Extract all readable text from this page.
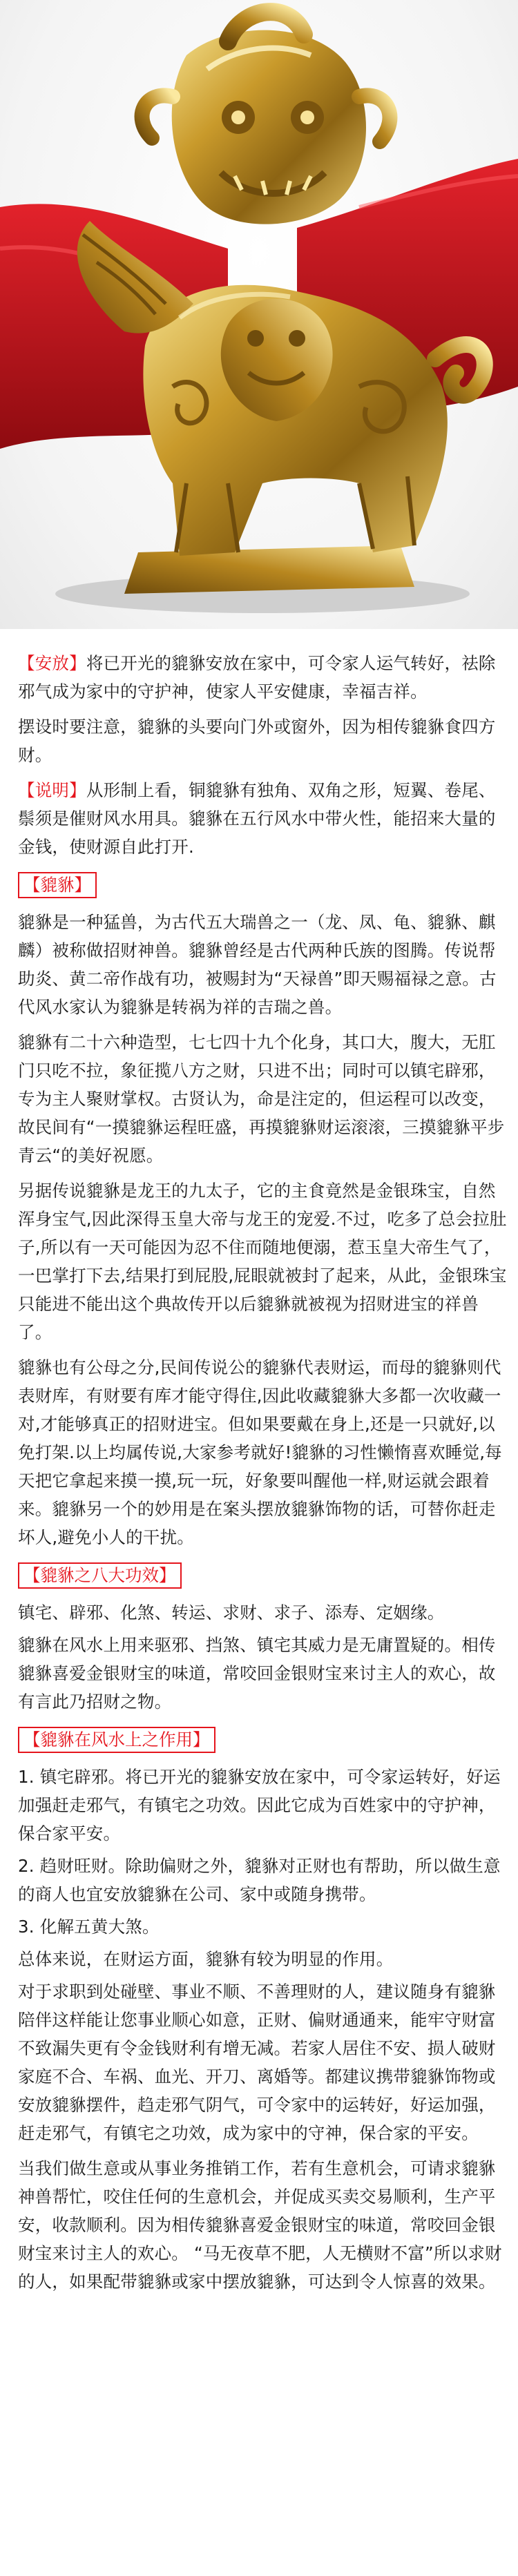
【安放】将已开光的貔貅安放在家中，可令家人运气转好，祛除邪气成为家中的守护神，使家人平安健康，幸福吉祥。

摆设时要注意，貔貅的头要向门外或窗外，因为相传貔貅食四方财。

【说明】从形制上看，铜貔貅有独角、双角之形，短翼、卷尾、鬃须是催财风水用具。貔貅在五行风水中带火性，能招来大量的金钱，使财源自此打开.

【貔貅】

貔貅是一种猛兽，为古代五大瑞兽之一（龙、凤、龟、貔貅、麒麟）被称做招财神兽。貔貅曾经是古代两种氏族的图腾。传说帮助炎、黄二帝作战有功，被赐封为“天禄兽”即天赐福禄之意。古代风水家认为貔貅是转祸为祥的吉瑞之兽。

貔貅有二十六种造型，七七四十九个化身，其口大，腹大，无肛门只吃不拉，象征揽八方之财，只进不出；同时可以镇宅辟邪，专为主人聚财掌权。古贤认为，命是注定的，但运程可以改变，故民间有“一摸貔貅运程旺盛，再摸貔貅财运滚滚，三摸貔貅平步青云“的美好祝愿。

另据传说貔貅是龙王的九太子，它的主食竟然是金银珠宝，自然浑身宝气,因此深得玉皇大帝与龙王的宠爱.不过，吃多了总会拉肚子,所以有一天可能因为忍不住而随地便溺，惹玉皇大帝生气了，一巴掌打下去,结果打到屁股,屁眼就被封了起来，从此，金银珠宝只能进不能出这个典故传开以后貔貅就被视为招财进宝的祥兽了。

貔貅也有公母之分,民间传说公的貔貅代表财运，而母的貔貅则代表财库，有财要有库才能守得住,因此收藏貔貅大多都一次收藏一对,才能够真正的招财进宝。但如果要戴在身上,还是一只就好,以免打架.以上均属传说,大家参考就好!貔貅的习性懒惰喜欢睡觉,每天把它拿起来摸一摸,玩一玩，好象要叫醒他一样,财运就会跟着来。貔貅另一个的妙用是在案头摆放貔貅饰物的话，可替你赶走坏人,避免小人的干扰。

【貔貅之八大功效】

镇宅、辟邪、化煞、转运、求财、求子、添寿、定姻缘。

貔貅在风水上用来驱邪、挡煞、镇宅其威力是无庸置疑的。相传貔貅喜爱金银财宝的味道，常咬回金银财宝来讨主人的欢心，故有言此乃招财之物。

【貔貅在风水上之作用】

1. 镇宅辟邪。将已开光的貔貅安放在家中，可令家运转好，好运加强赶走邪气，有镇宅之功效。因此它成为百姓家中的守护神，保合家平安。

2. 趋财旺财。除助偏财之外，貔貅对正财也有帮助，所以做生意的商人也宜安放貔貅在公司、家中或随身携带。

3. 化解五黄大煞。

总体来说，在财运方面，貔貅有较为明显的作用。

对于求职到处碰壁、事业不顺、不善理财的人，建议随身有貔貅陪伴这样能让您事业顺心如意，正财、偏财通通来，能牢守财富不致漏失更有令金钱财利有增无减。若家人居住不安、损人破财家庭不合、车祸、血光、开刀、离婚等。都建议携带貔貅饰物或安放貔貅摆件，趋走邪气阴气，可令家中的运转好，好运加强，赶走邪气，有镇宅之功效，成为家中的守神，保合家的平安。

当我们做生意或从事业务推销工作，若有生意机会，可请求貔貅神兽帮忙，咬住任何的生意机会，并促成买卖交易顺利，生产平安，收款顺利。因为相传貔貅喜爱金银财宝的味道，常咬回金银财宝来讨主人的欢心。 “马无夜草不肥，人无横财不富”所以求财的人，如果配带貔貅或家中摆放貔貅，可达到令人惊喜的效果。
